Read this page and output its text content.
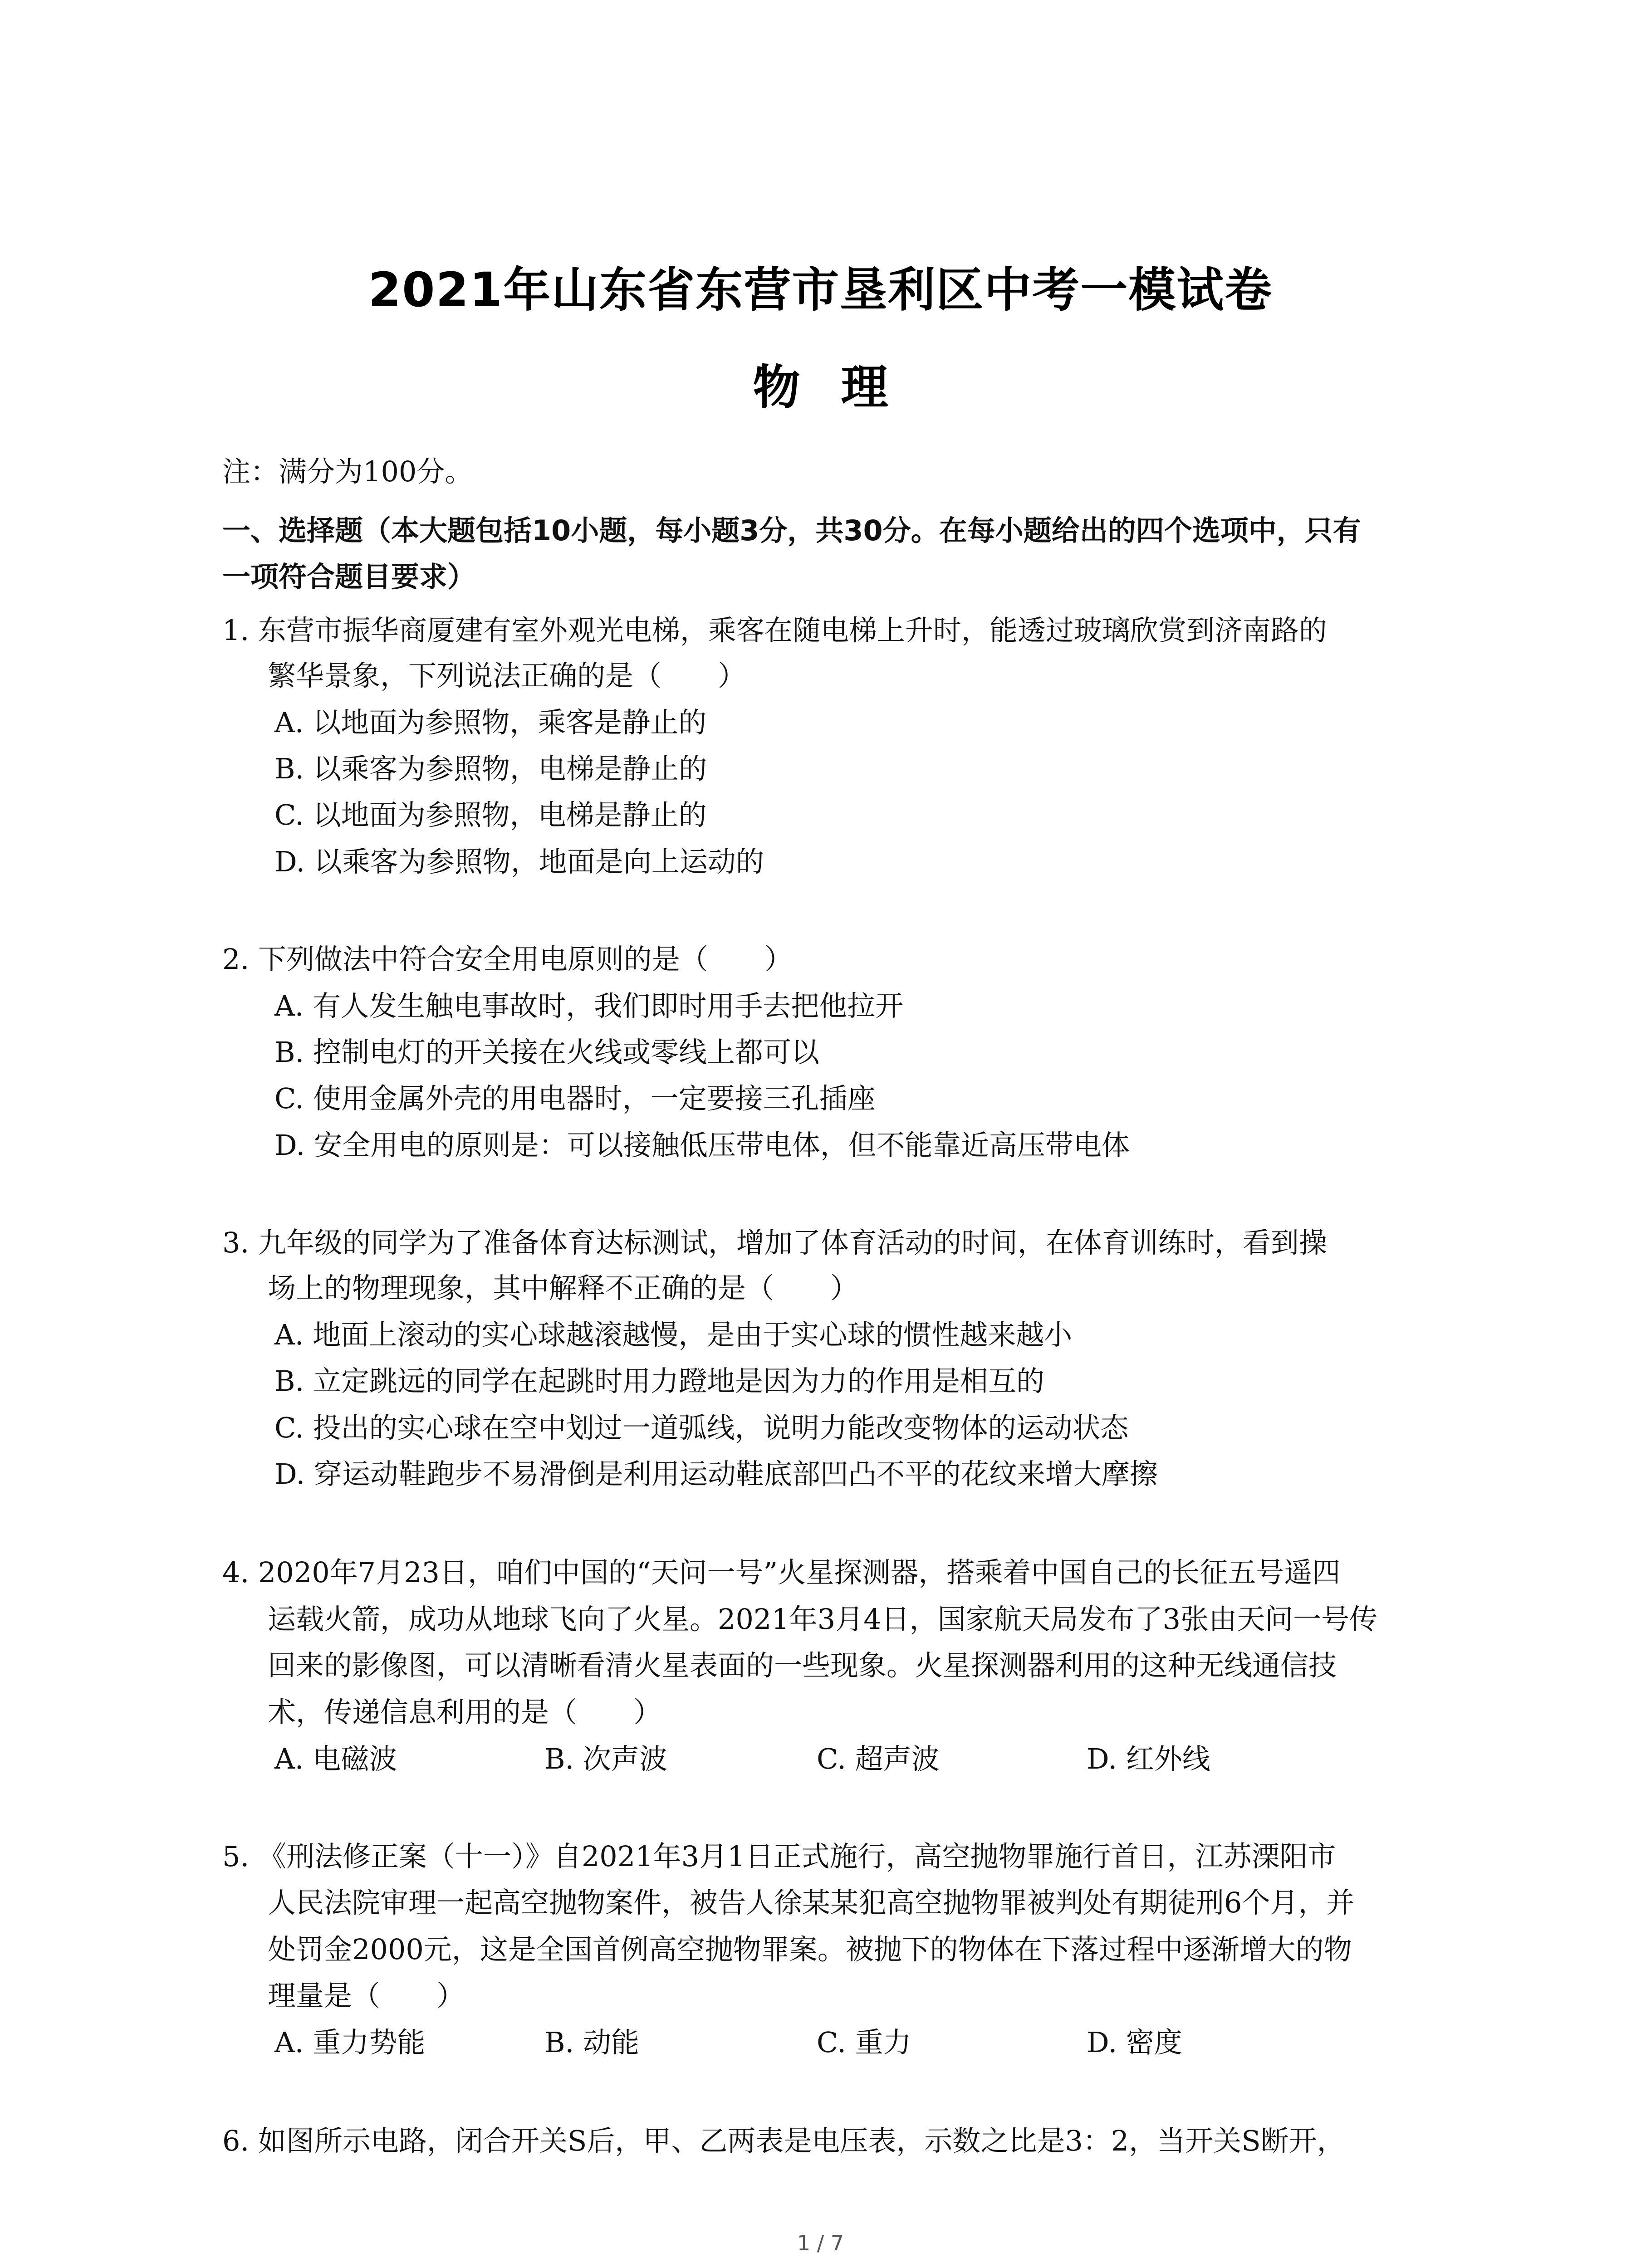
2021年山东省东营市垦利区中考一模试卷
物理
注：满分为100分。
一、选择题（本大题包括10小题，每小题3分，共30分。在每小题给出的四个选项中，只有
一项符合题目要求）
1. 东营市振华商厦建有室外观光电梯，乘客在随电梯上升时，能透过玻璃欣赏到济南路的
繁华景象，下列说法正确的是（　　）
A. 以地面为参照物，乘客是静止的
B. 以乘客为参照物，电梯是静止的
C. 以地面为参照物，电梯是静止的
D. 以乘客为参照物，地面是向上运动的
2. 下列做法中符合安全用电原则的是（　　）
A. 有人发生触电事故时，我们即时用手去把他拉开
B. 控制电灯的开关接在火线或零线上都可以
C. 使用金属外壳的用电器时，一定要接三孔插座
D. 安全用电的原则是：可以接触低压带电体，但不能靠近高压带电体
3. 九年级的同学为了准备体育达标测试，增加了体育活动的时间，在体育训练时，看到操
场上的物理现象，其中解释不正确的是（　　）
A. 地面上滚动的实心球越滚越慢，是由于实心球的惯性越来越小
B. 立定跳远的同学在起跳时用力蹬地是因为力的作用是相互的
C. 投出的实心球在空中划过一道弧线，说明力能改变物体的运动状态
D. 穿运动鞋跑步不易滑倒是利用运动鞋底部凹凸不平的花纹来增大摩擦
4. 2020年7月23日，咱们中国的“天问一号”火星探测器，搭乘着中国自己的长征五号遥四
运载火箭，成功从地球飞向了火星。2021年3月4日，国家航天局发布了3张由天问一号传
回来的影像图，可以清晰看清火星表面的一些现象。火星探测器利用的这种无线通信技
术，传递信息利用的是（　　）
A. 电磁波	B. 次声波	C. 超声波	D. 红外线
5. 《刑法修正案（十一）》自2021年3月1日正式施行，高空抛物罪施行首日，江苏溧阳市
人民法院审理一起高空抛物案件，被告人徐某某犯高空抛物罪被判处有期徒刑6个月，并
处罚金2000元，这是全国首例高空抛物罪案。被抛下的物体在下落过程中逐渐增大的物
理量是（　　）
A. 重力势能	B. 动能	C. 重力	D. 密度
6. 如图所示电路，闭合开关S后，甲、乙两表是电压表，示数之比是3：2，当开关S断开，
1 / 7
